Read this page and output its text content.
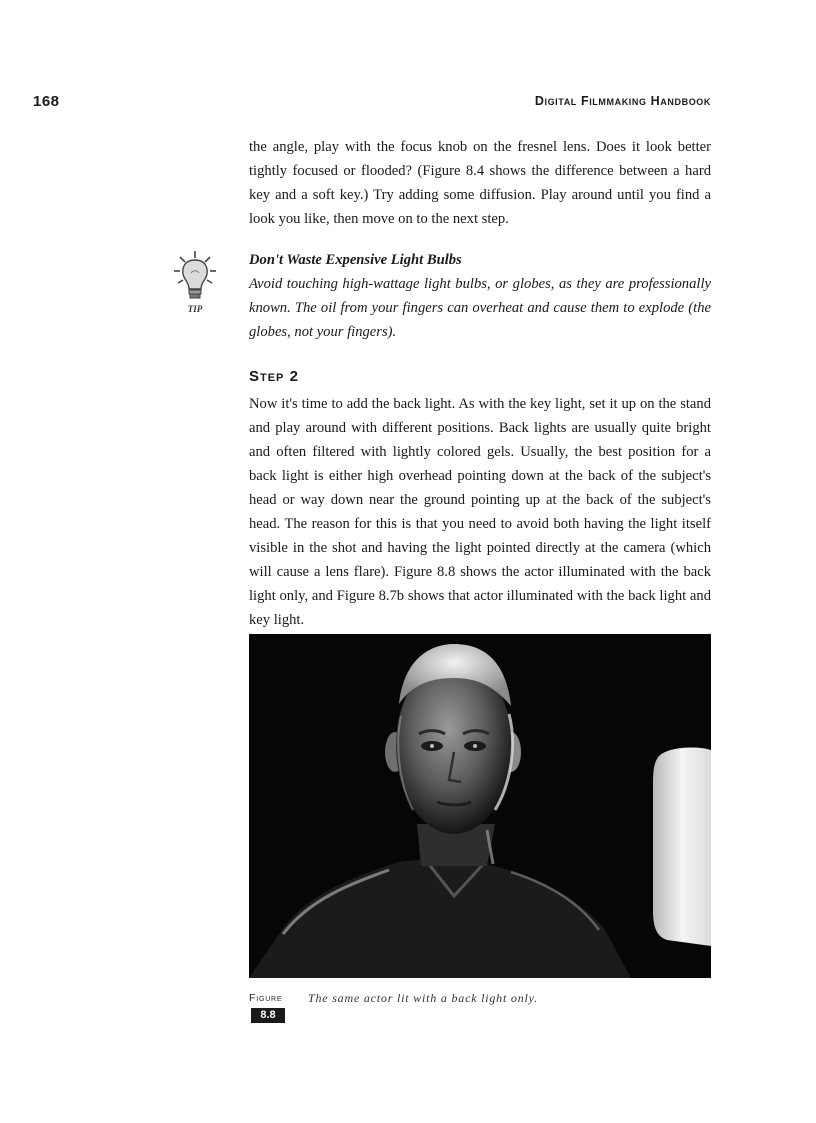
168	Digital Filmmaking Handbook

the angle, play with the focus knob on the fresnel lens. Does it look better tightly focused or flooded? (Figure 8.4 shows the difference between a hard key and a soft key.) Try adding some diffusion. Play around until you find a look you like, then move on to the next step.

TIP

Don't Waste Expensive Light Bulbs

Avoid touching high-wattage light bulbs, or globes, as they are professionally known. The oil from your fingers can overheat and cause them to explode (the globes, not your fingers).

Step 2

Now it's time to add the back light. As with the key light, set it up on the stand and play around with different positions. Back lights are usually quite bright and often filtered with lightly colored gels. Usually, the best position for a back light is either high overhead pointing down at the back of the subject's head or way down near the ground pointing up at the back of the subject's head. The reason for this is that you need to avoid both having the light itself visible in the shot and having the light pointed directly at the camera (which will cause a lens flare). Figure 8.8 shows the actor illuminated with the back light only, and Figure 8.7b shows that actor illuminated with the back light and key light.

Figure
8.8
The same actor lit with a back light only.
